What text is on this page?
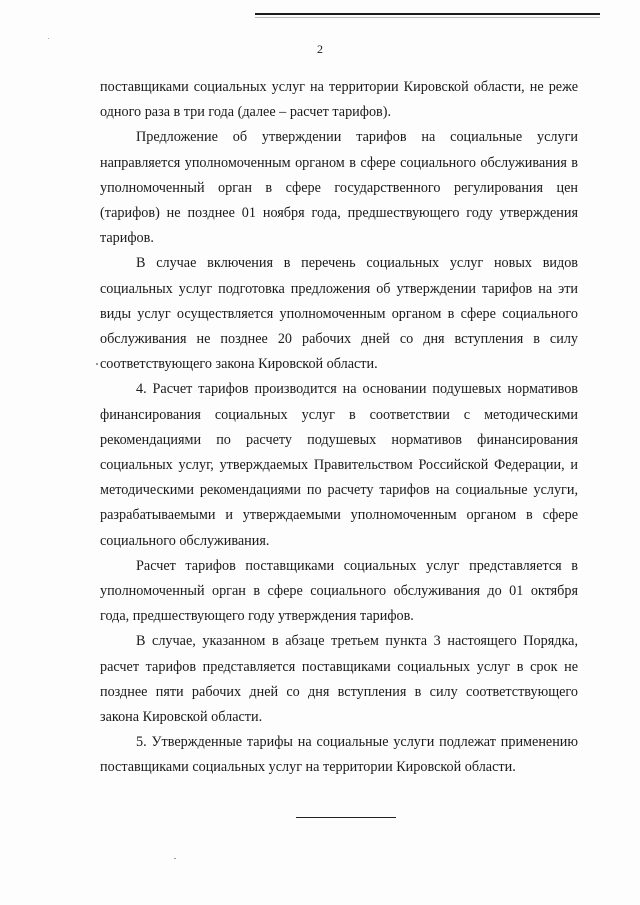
2

поставщиками социальных услуг на территории Кировской области, не реже
одного раза в три года (далее – расчет тарифов).

Предложение об утверждении тарифов на социальные услуги
направляется уполномоченным органом в сфере социального обслуживания в
уполномоченный орган в сфере государственного регулирования цен
(тарифов) не позднее 01 ноября года, предшествующего году утверждения
тарифов.

В случае включения в перечень социальных услуг новых видов
социальных услуг подготовка предложения об утверждении тарифов на эти
виды услуг осуществляется уполномоченным органом в сфере социального
обслуживания не позднее 20 рабочих дней со дня вступления в силу
соответствующего закона Кировской области.

4. Расчет тарифов производится на основании подушевых нормативов
финансирования социальных услуг в соответствии с методическими
рекомендациями по расчету подушевых нормативов финансирования
социальных услуг, утверждаемых Правительством Российской Федерации, и
методическими рекомендациями по расчету тарифов на социальные услуги,
разрабатываемыми и утверждаемыми уполномоченным органом в сфере
социального обслуживания.

Расчет тарифов поставщиками социальных услуг представляется в
уполномоченный орган в сфере социального обслуживания до 01 октября
года, предшествующего году утверждения тарифов.

В случае, указанном в абзаце третьем пункта 3 настоящего Порядка,
расчет тарифов представляется поставщиками социальных услуг в срок не
позднее пяти рабочих дней со дня вступления в силу соответствующего
закона Кировской области.

5. Утвержденные тарифы на социальные услуги подлежат применению
поставщиками социальных услуг на территории Кировской области.
